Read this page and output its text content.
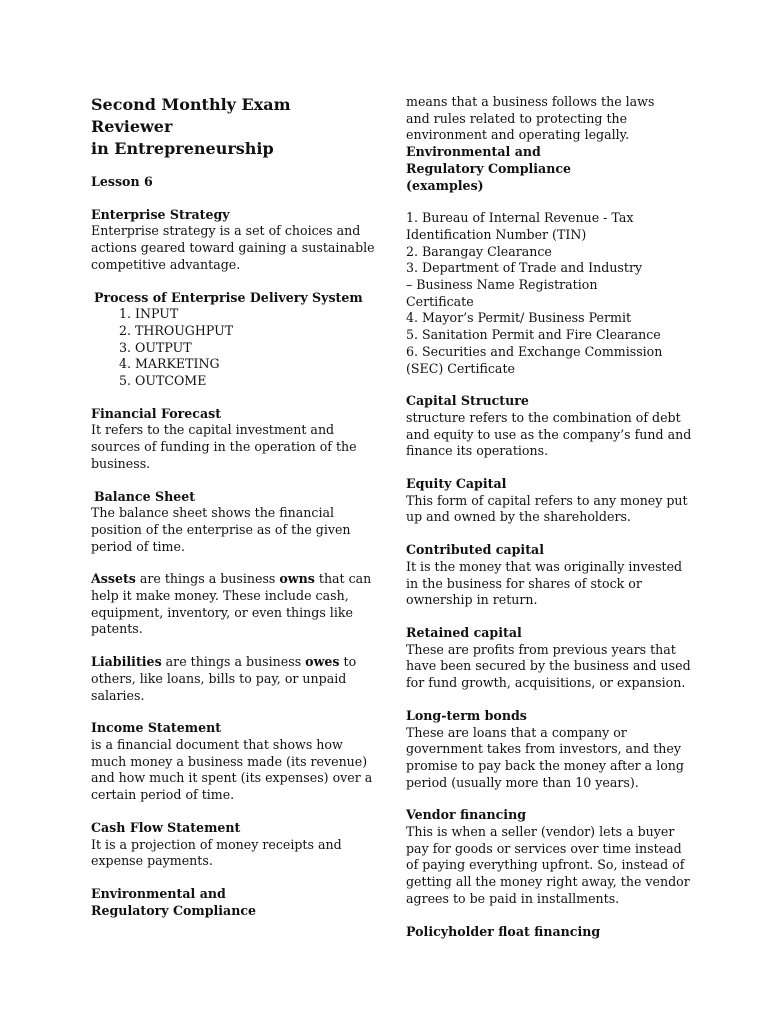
Second Monthly Exam Reviewer
in Entrepreneurship
Lesson 6
Enterprise Strategy
Enterprise strategy is a set of choices and actions geared toward gaining a sustainable competitive advantage.
Process of Enterprise Delivery System
1. INPUT
2. THROUGHPUT
3. OUTPUT
4. MARKETING
5. OUTCOME
Financial Forecast
It refers to the capital investment and sources of funding in the operation of the business.
Balance Sheet
The balance sheet shows the financial position of the enterprise as of the given period of time.
Assets are things a business owns that can help it make money. These include cash, equipment, inventory, or even things like patents.
Liabilities are things a business owes to others, like loans, bills to pay, or unpaid salaries.
Income Statement
is a financial document that shows how much money a business made (its revenue) and how much it spent (its expenses) over a certain period of time.
Cash Flow Statement
It is a projection of money receipts and expense payments.
Environmental and Regulatory Compliance
means that a business follows the laws and rules related to protecting the environment and operating legally.
Environmental and Regulatory Compliance (examples)
1. Bureau of Internal Revenue - Tax Identification Number (TIN)
2. Barangay Clearance
3. Department of Trade and Industry – Business Name Registration Certificate
4. Mayor’s Permit/ Business Permit
5. Sanitation Permit and Fire Clearance
6. Securities and Exchange Commission (SEC) Certificate
Capital Structure
structure refers to the combination of debt and equity to use as the company’s fund and finance its operations.
Equity Capital
This form of capital refers to any money put up and owned by the shareholders.
Contributed capital
It is the money that was originally invested in the business for shares of stock or ownership in return.
Retained capital
These are profits from previous years that have been secured by the business and used for fund growth, acquisitions, or expansion.
Long-term bonds
These are loans that a company or government takes from investors, and they promise to pay back the money after a long period (usually more than 10 years).
Vendor financing
This is when a seller (vendor) lets a buyer pay for goods or services over time instead of paying everything upfront. So, instead of getting all the money right away, the vendor agrees to be paid in installments.
Policyholder float financing
